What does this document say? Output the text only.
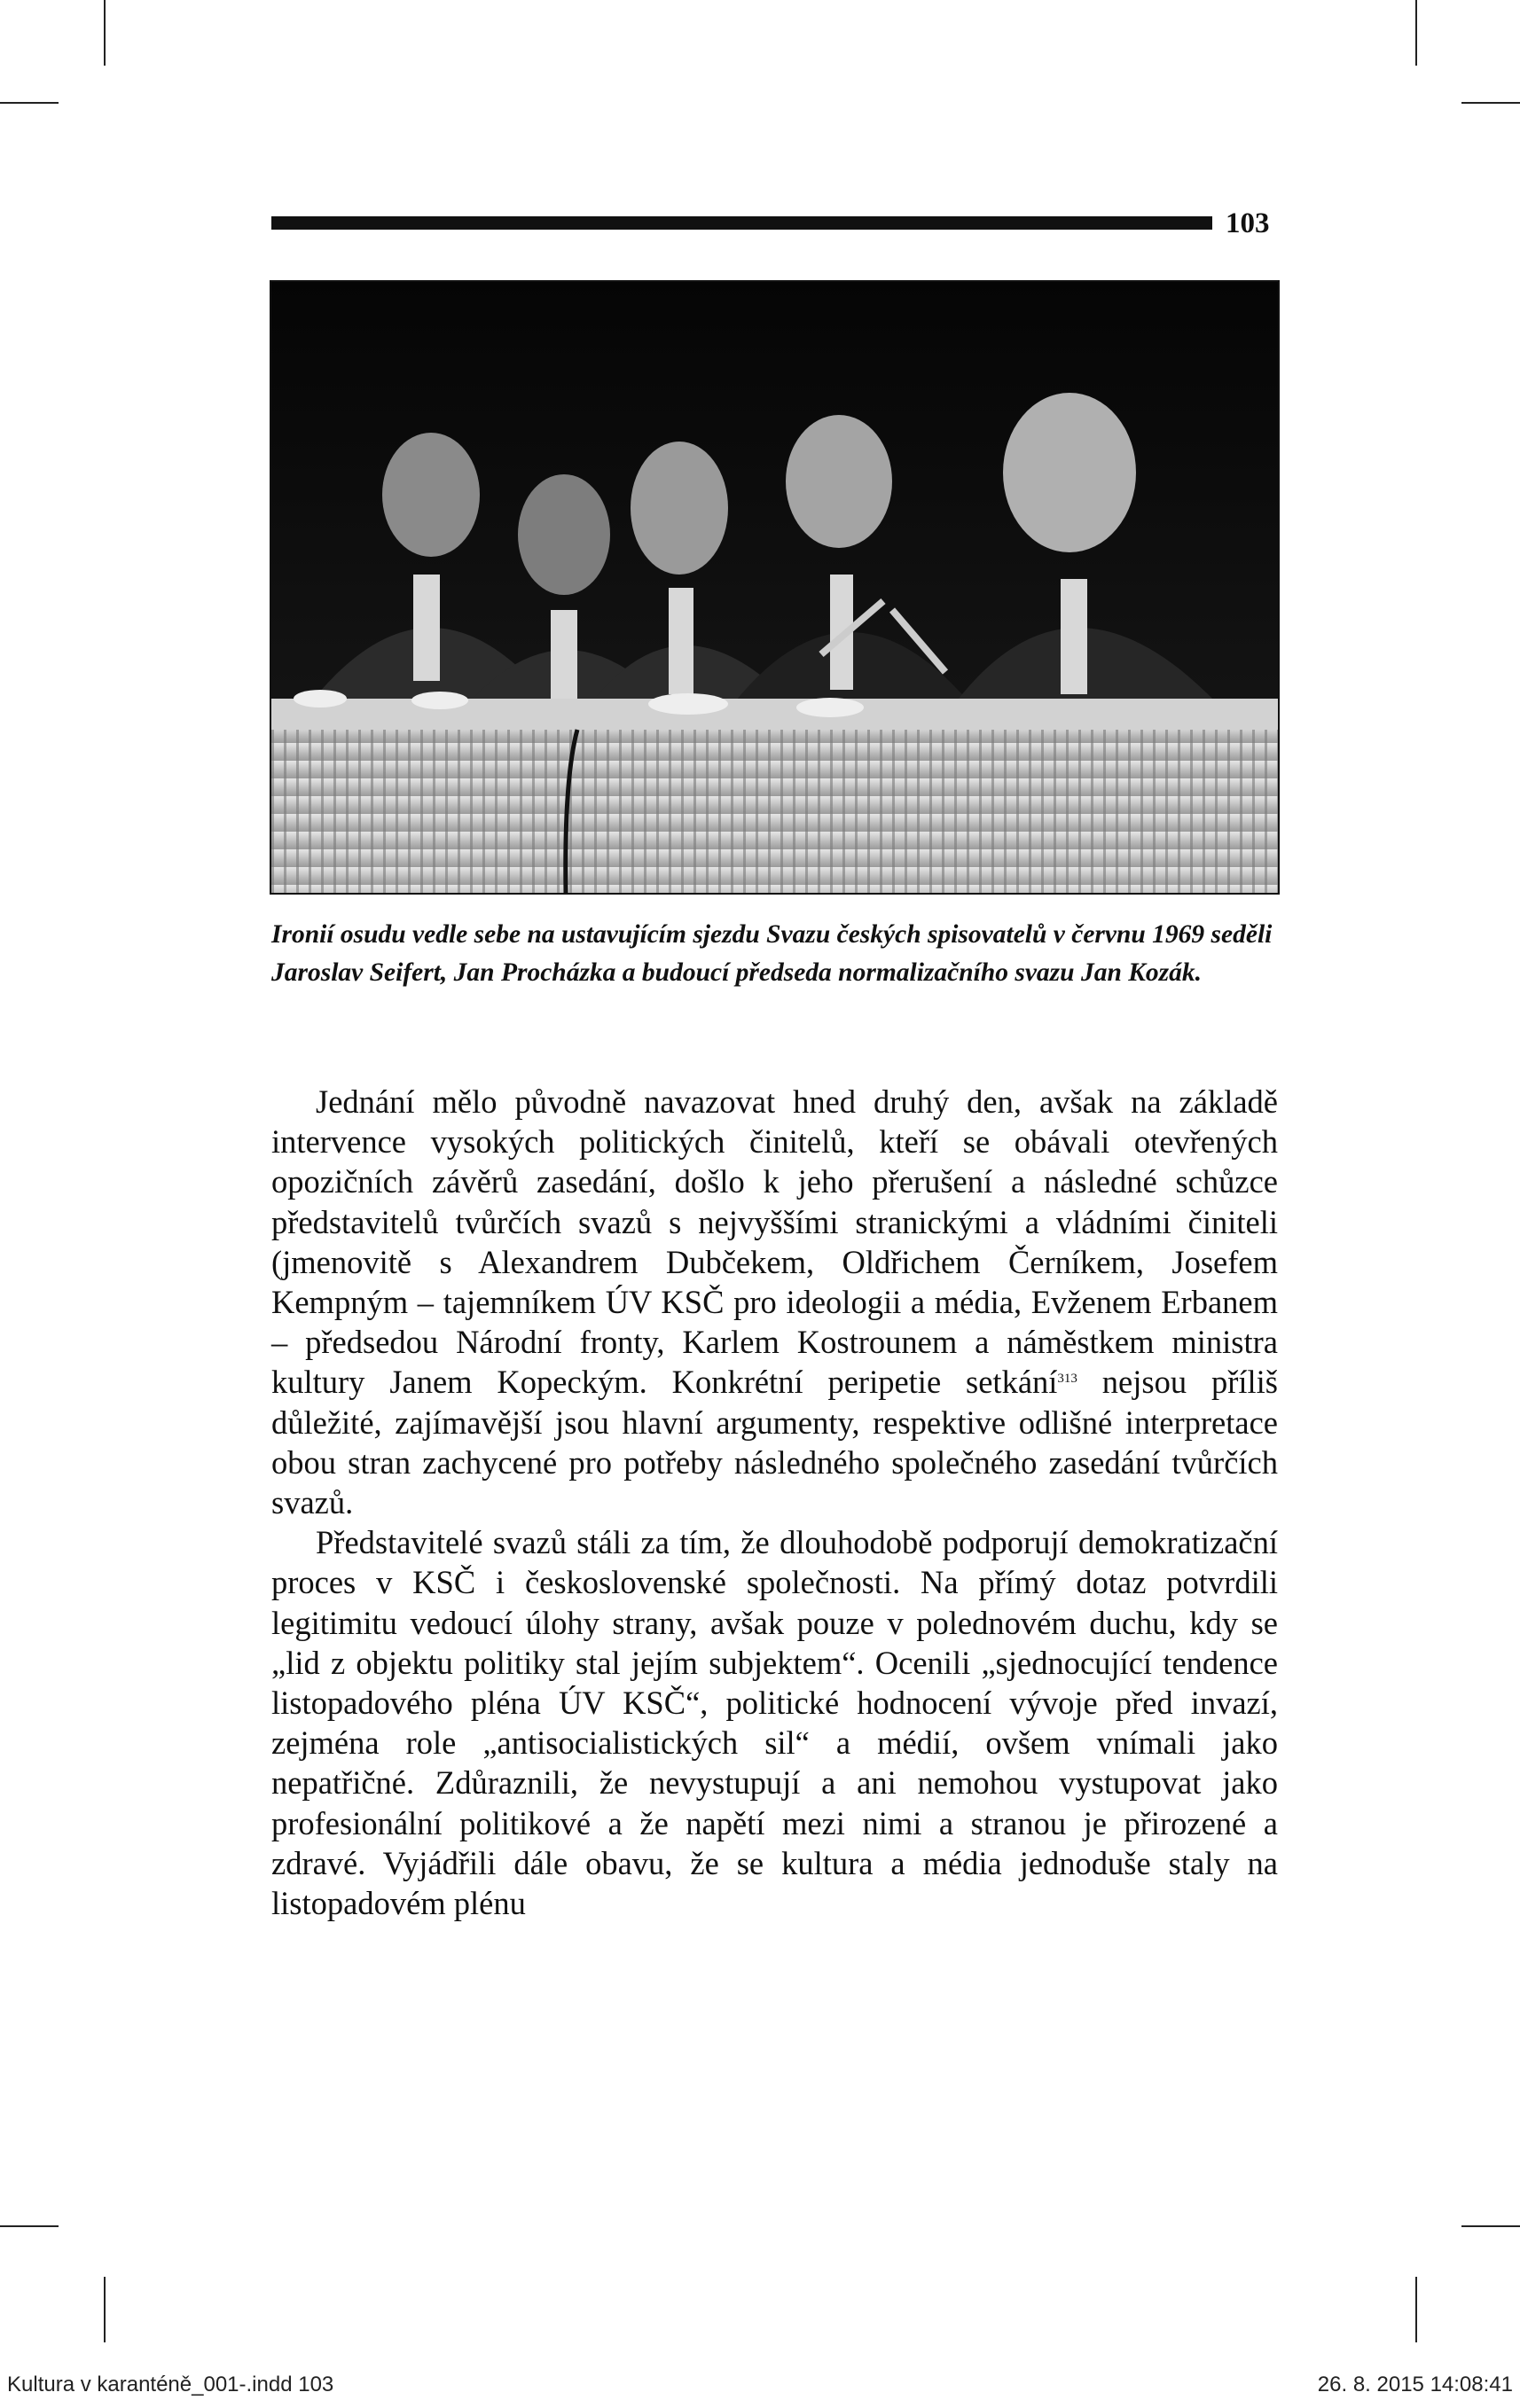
103
Ironií osudu vedle sebe na ustavujícím sjezdu Svazu českých spisovatelů v červnu 1969 seděli Jaroslav Seifert, Jan Procházka a budoucí předseda normalizačního svazu Jan Kozák.

Jednání mělo původně navazovat hned druhý den, avšak na základě intervence vysokých politických činitelů, kteří se obávali otevřených opozičních závěrů zasedání, došlo k jeho přerušení a následné schůzce představitelů tvůrčích svazů s nejvyššími stranickými a vládními činiteli (jmenovitě s Alexandrem Dubčekem, Oldřichem Černíkem, Josefem Kempným – tajemníkem ÚV KSČ pro ideologii a média, Evženem Erbanem – předsedou Národní fronty, Karlem Kostrounem a náměstkem ministra kultury Janem Kopeckým. Konkrétní peripetie setkání$^{313}$ nejsou příliš důležité, zajímavější jsou hlavní argumenty, respektive odlišné interpretace obou stran zachycené pro potřeby následného společného zasedání tvůrčích svazů.

Představitelé svazů stáli za tím, že dlouhodobě podporují demokratizační proces v KSČ i československé společnosti. Na přímý dotaz potvrdili legitimitu vedoucí úlohy strany, avšak pouze v polednovém duchu, kdy se „lid z objektu politiky stal jejím subjektem“. Ocenili „sjednocující tendence listopadového pléna ÚV KSČ“, politické hodnocení vývoje před invazí, zejména role „antisocialistických sil“ a médií, ovšem vnímali jako nepatřičné. Zdůraznili, že nevystupují a ani nemohou vystupovat jako profesionální politikové a že napětí mezi nimi a stranou je přirozené a zdravé. Vyjádřili dále obavu, že se kultura a média jednoduše staly na listopadovém plénu

Kultura v karanténě_001-.indd 103	26. 8. 2015 14:08:41
